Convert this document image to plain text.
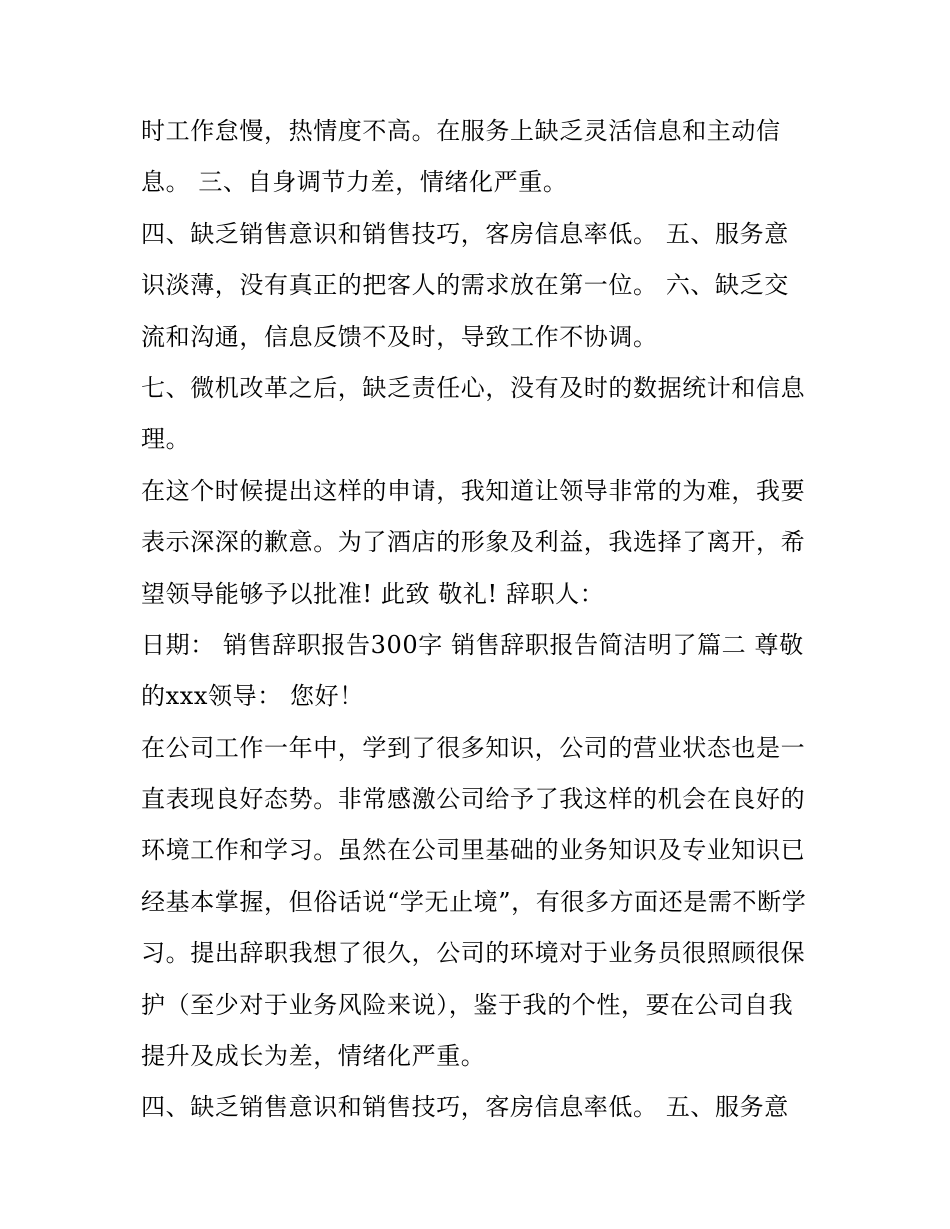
时工作怠慢，热情度不高。在服务上缺乏灵活信息和主动信
息。 三、自身调节力差，情绪化严重。
四、缺乏销售意识和销售技巧，客房信息率低。 五、服务意
识淡薄，没有真正的把客人的需求放在第一位。 六、缺乏交
流和沟通，信息反馈不及时，导致工作不协调。
七、微机改革之后，缺乏责任心，没有及时的数据统计和信息
理。
在这个时候提出这样的申请，我知道让领导非常的为难，我要
表示深深的歉意。为了酒店的形象及利益，我选择了离开，希
望领导能够予以批准! 此致 敬礼! 辞职人：
日期： 销售辞职报告300字 销售辞职报告简洁明了篇二 尊敬
的xxx领导： 您好！
在公司工作一年中，学到了很多知识，公司的营业状态也是一
直表现良好态势。非常感激公司给予了我这样的机会在良好的
环境工作和学习。虽然在公司里基础的业务知识及专业知识已
经基本掌握，但俗话说“学无止境”，有很多方面还是需不断学
习。提出辞职我想了很久，公司的环境对于业务员很照顾很保
护（至少对于业务风险来说），鉴于我的个性，要在公司自我
提升及成长为差，情绪化严重。
四、缺乏销售意识和销售技巧，客房信息率低。 五、服务意
